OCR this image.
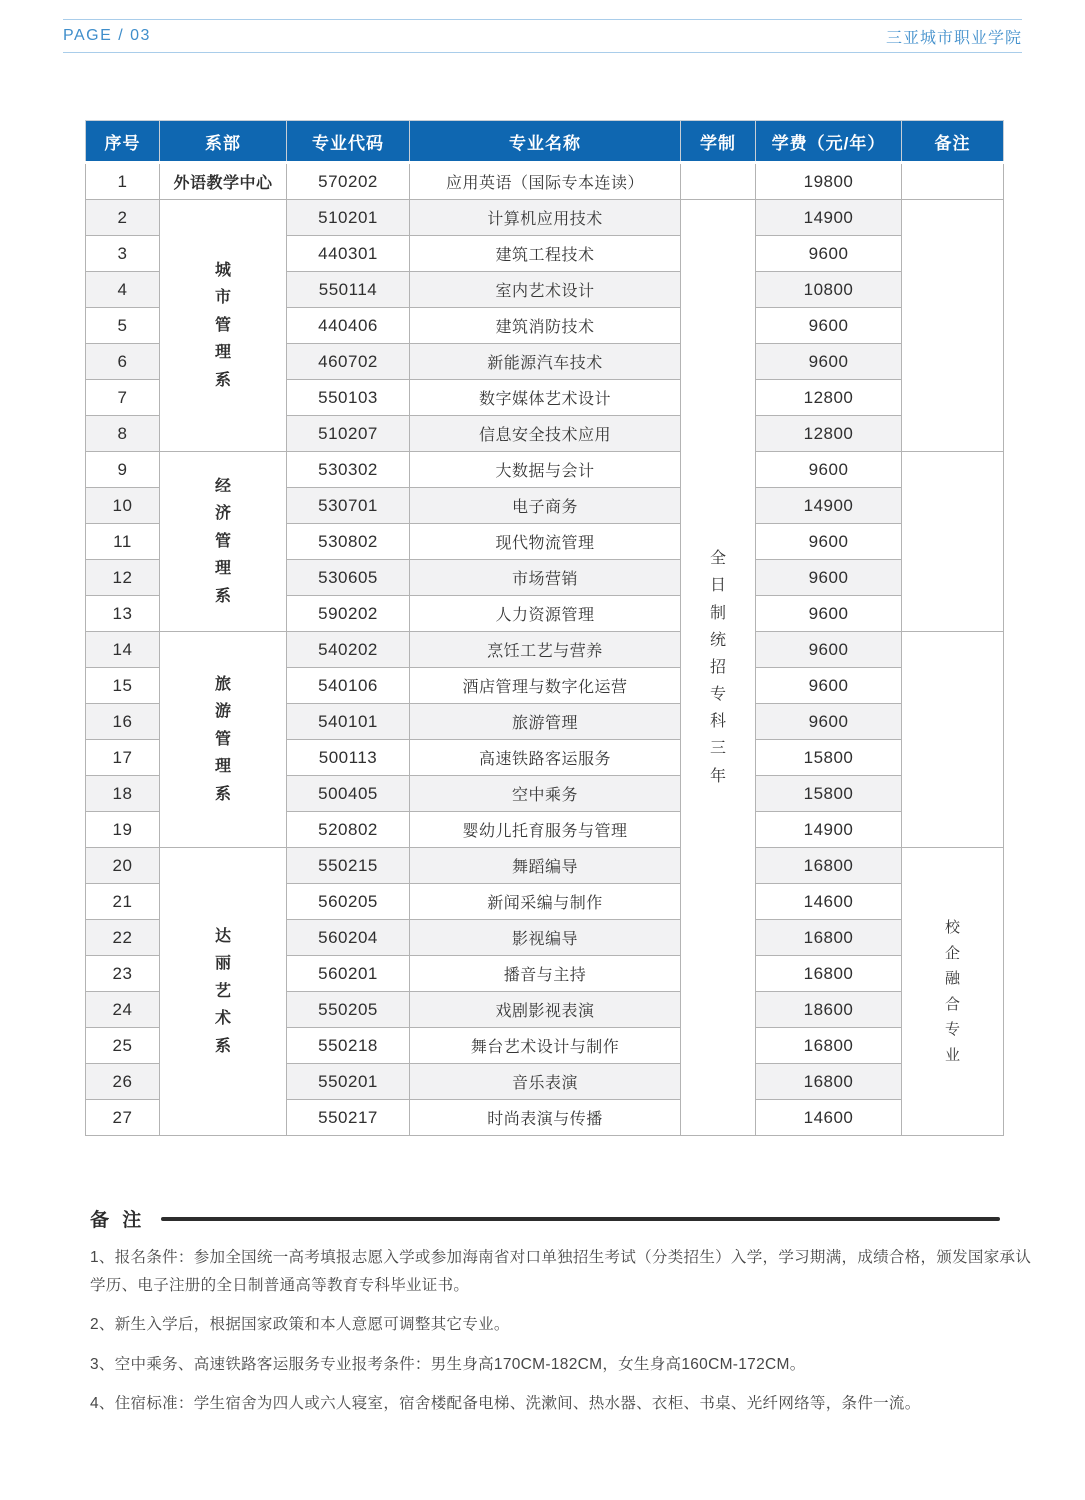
PAGE / 03	三亚城市职业学院
序号	系部	专业代码	专业名称	学制	学费（元/年）	备注
1	外语教学中心	570202	应用英语（国际专本连读）		19800	
2	城市管理系	510201	计算机应用技术	全日制统招专科三年	14900	
3		440301	建筑工程技术		9600	
4		550114	室内艺术设计		10800	
5		440406	建筑消防技术		9600	
6		460702	新能源汽车技术		9600	
7		550103	数字媒体艺术设计		12800	
8		510207	信息安全技术应用		12800	
9	经济管理系	530302	大数据与会计		9600	
10		530701	电子商务		14900	
11		530802	现代物流管理		9600	
12		530605	市场营销		9600	
13		590202	人力资源管理		9600	
14	旅游管理系	540202	烹饪工艺与营养		9600	
15		540106	酒店管理与数字化运营		9600	
16		540101	旅游管理		9600	
17		500113	高速铁路客运服务		15800	
18		500405	空中乘务		15800	
19		520802	婴幼儿托育服务与管理		14900	
20	达丽艺术系	550215	舞蹈编导		16800	校企融合专业

21		560205	新闻采编与制作		14600	
22		560204	影视编导		16800	
23		560201	播音与主持		16800	
24		550205	戏剧影视表演		18600	
25		550218	舞台艺术设计与制作		16800	
26		550201	音乐表演		16800	
27		550217	时尚表演与传播		14600	
备 注

1、报名条件：参加全国统一高考填报志愿入学或参加海南省对口单独招生考试（分类招生）入学，学习期满，成绩合格，颁发国家承认学历、电子注册的全日制普通高等教育专科毕业证书。

2、新生入学后，根据国家政策和本人意愿可调整其它专业。

3、空中乘务、高速铁路客运服务专业报考条件：男生身高170CM-182CM，女生身高160CM-172CM。

4、住宿标准：学生宿舍为四人或六人寝室，宿舍楼配备电梯、洗漱间、热水器、衣柜、书桌、光纤网络等，条件一流。
